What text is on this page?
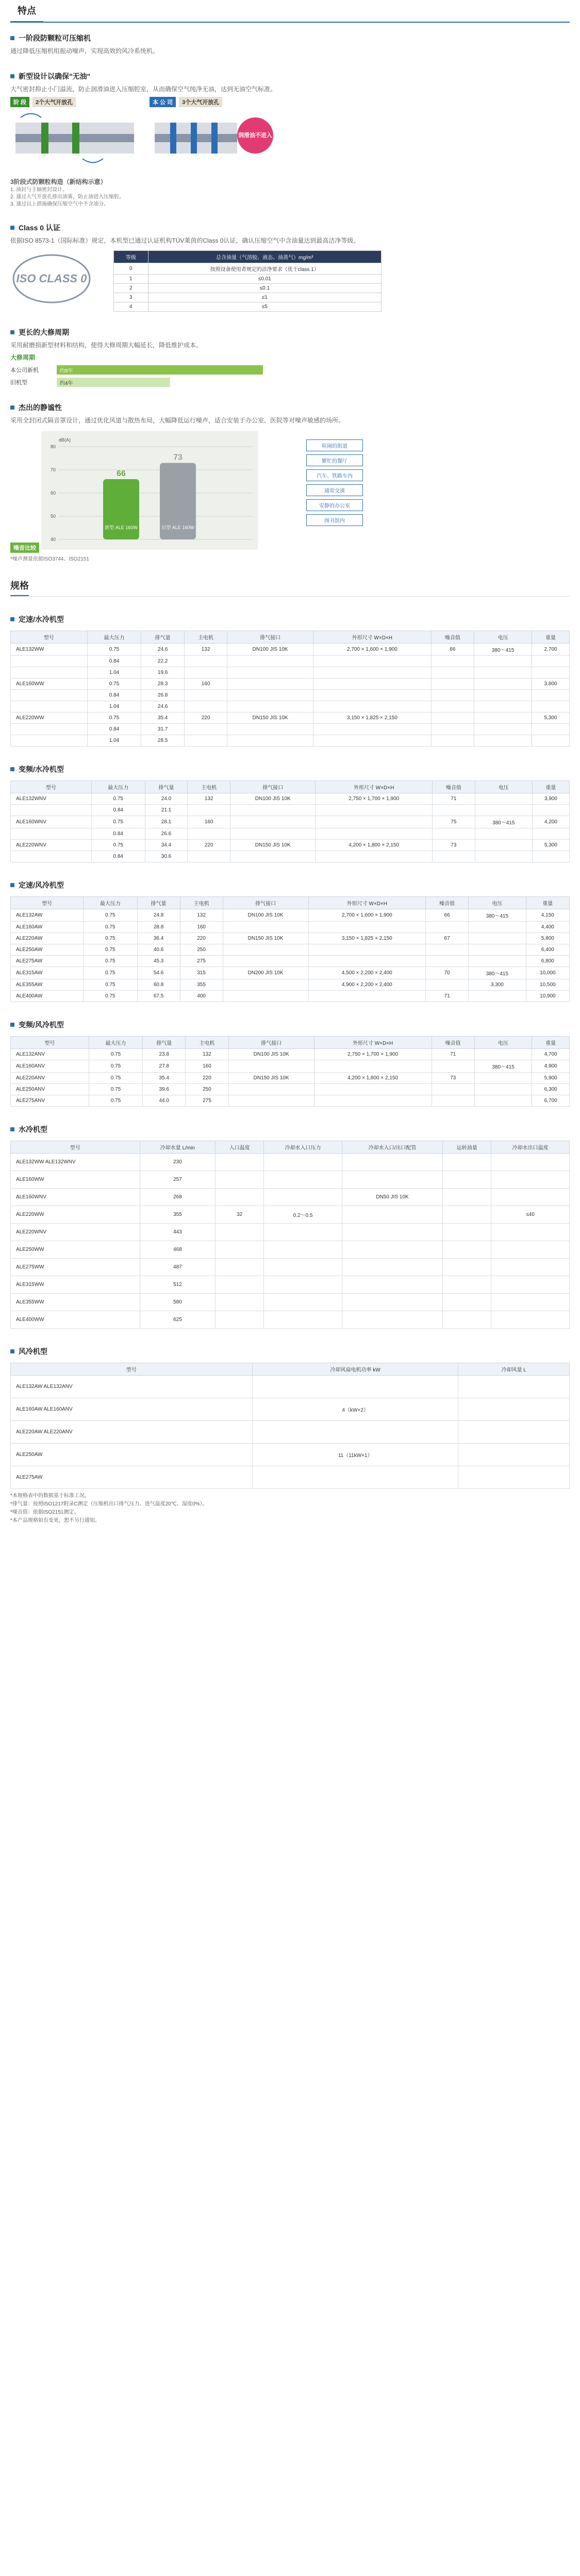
特点
一阶段防颗粒可压缩机
通过降低压缩机组振动噪声，实现高效的风冷系统机。
新型设计以确保"无油"
大气密封抑止小门溢流，防止润滑油进入压缩腔室，从而确保空气纯净无油，达到无油空气标准。
阶 段	2个大气开放孔	本 公 司	3个大气开放孔
润滑油不进入
3阶段式防颗粒构造（新结构示意）
1. 油封与主轴密封设计。
2. 通过大气开放孔排出油雾，防止油进入压缩腔。
3. 通过以上措施确保压缩空气中不含油分。
Class 0 认证
依据ISO 8573-1（国际标准）规定，本机型已通过认证机构TÜV莱茵的Class 0认证，确认压缩空气中含油量达到最高洁净等级。
ISO CLASS 0
等级	总含油量（气溶胶、液态、油蒸气）mg/m³
0	按照设备使用者规定的洁净要求（优于class 1）
1	≤0.01
2	≤0.1
3	≤1
4	≤5
更长的大修周期
采用耐磨损新型材料和结构，使得大修周期大幅延长，降低维护成本。
大修周期
本公司新机	约8年
旧机型	约4年
杰出的静谧性
采用全封闭式隔音罩设计，通过优化风道与散热布局，大幅降低运行噪声，适合安装于办公室、医院等对噪声敏感的场所。
噪音比较
80
70
60
50
40
66
新型 ALE 160W
73
旧型 ALE 160W
dB(A)
喧闹的街道
繁忙的餐厅
汽车、铁路车内
通常交谈
安静的办公室
图书馆内
*噪声测量依据ISO3744、ISO2151
规格
定速/水冷机型
型号	最大压力	排气量	主电机	排气接口	外形尺寸 W×D×H	噪音值	电压	重量
ALE132WW	0.75	24.6	132	DN100 JIS 10K	2,700 × 1,600 × 1,900	66	380～415	2,700
	0.84	22.2						
	1.04	19.6						
ALE160WW	0.75	28.3	160					3,800
	0.84	26.8						
	1.04	24.6						
ALE220WW	0.75	35.4	220	DN150 JIS 10K	3,150 × 1,825 × 2,150			5,300
	0.84	31.7						
	1.04	28.5						
变频/水冷机型
型号	最大压力	排气量	主电机	排气接口	外形尺寸 W×D×H	噪音值	电压	重量
ALE132WNV	0.75	24.0	132	DN100 JIS 10K	2,750 × 1,700 × 1,900	71		3,900
	0.84	21.1						
ALE160WNV	0.75	28.1	160			75	380～415	4,200
	0.84	26.6						
ALE220WNV	0.75	34.4	220	DN150 JIS 10K	4,200 × 1,800 × 2,150	73		5,300
	0.84	30.6						
定速/风冷机型
型号	最大压力	排气量	主电机	排气接口	外形尺寸 W×D×H	噪音值	电压	重量
ALE132AW	0.75	24.8	132	DN100 JIS 10K	2,700 × 1,600 × 1,900	66	380～415	4,150
ALE160AW	0.75	28.8	160					4,400
ALE220AW	0.75	36.4	220	DN150 JIS 10K	3,150 × 1,825 × 2,150	67		5,800
ALE250AW	0.75	40.6	250					6,400
ALE275AW	0.75	45.3	275					6,800
ALE315AW	0.75	54.6	315	DN200 JIS 10K	4,500 × 2,200 × 2,400	70	380～415	10,000
ALE355AW	0.75	60.8	355		4,900 × 2,200 × 2,400		3,300	10,500
ALE400AW	0.75	67.5	400			71		10,900
变频/风冷机型
型号	最大压力	排气量	主电机	排气接口	外形尺寸 W×D×H	噪音值	电压	重量
ALE132ANV	0.75	23.8	132	DN100 JIS 10K	2,750 × 1,700 × 1,900	71		4,700
ALE160ANV	0.75	27.8	160				380～415	4,900
ALE220ANV	0.75	35.4	220	DN150 JIS 10K	4,200 × 1,800 × 2,150	73		5,900
ALE250ANV	0.75	39.6	250					6,300
ALE275ANV	0.75	44.0	275					6,700
水冷机型
型号	冷却水量 L/min	入口温度	冷却水入口压力	冷却水入口/出口配管	运转油量	冷却水出口温度
ALE132WW ALE132WNV	230					
ALE160WW	257					
ALE160WNV	268			DN50 JIS 10K		
ALE220WW	355	32	0.2～0.5			≤40
ALE220WNV	443					
ALE250WW	468					
ALE275WW	487					
ALE315WW	512					
ALE355WW	580					
ALE400WW	625					
风冷机型
型号	冷却风扇电机功率 kW	冷却风量 L
ALE132AW ALE132ANV		
ALE160AW ALE160ANV	4（kW×2）	
ALE220AW ALE220ANV		
ALE250AW	11（11kW×1）	
ALE275AW		
*本规格表中的数据基于标准工况。
*排气量：按照ISO1217附录C测定（压缩机出口排气压力、进气温度20℃、湿度0%）。
*噪音值：依据ISO2151测定。
*本产品规格如有变更，恕不另行通知。
